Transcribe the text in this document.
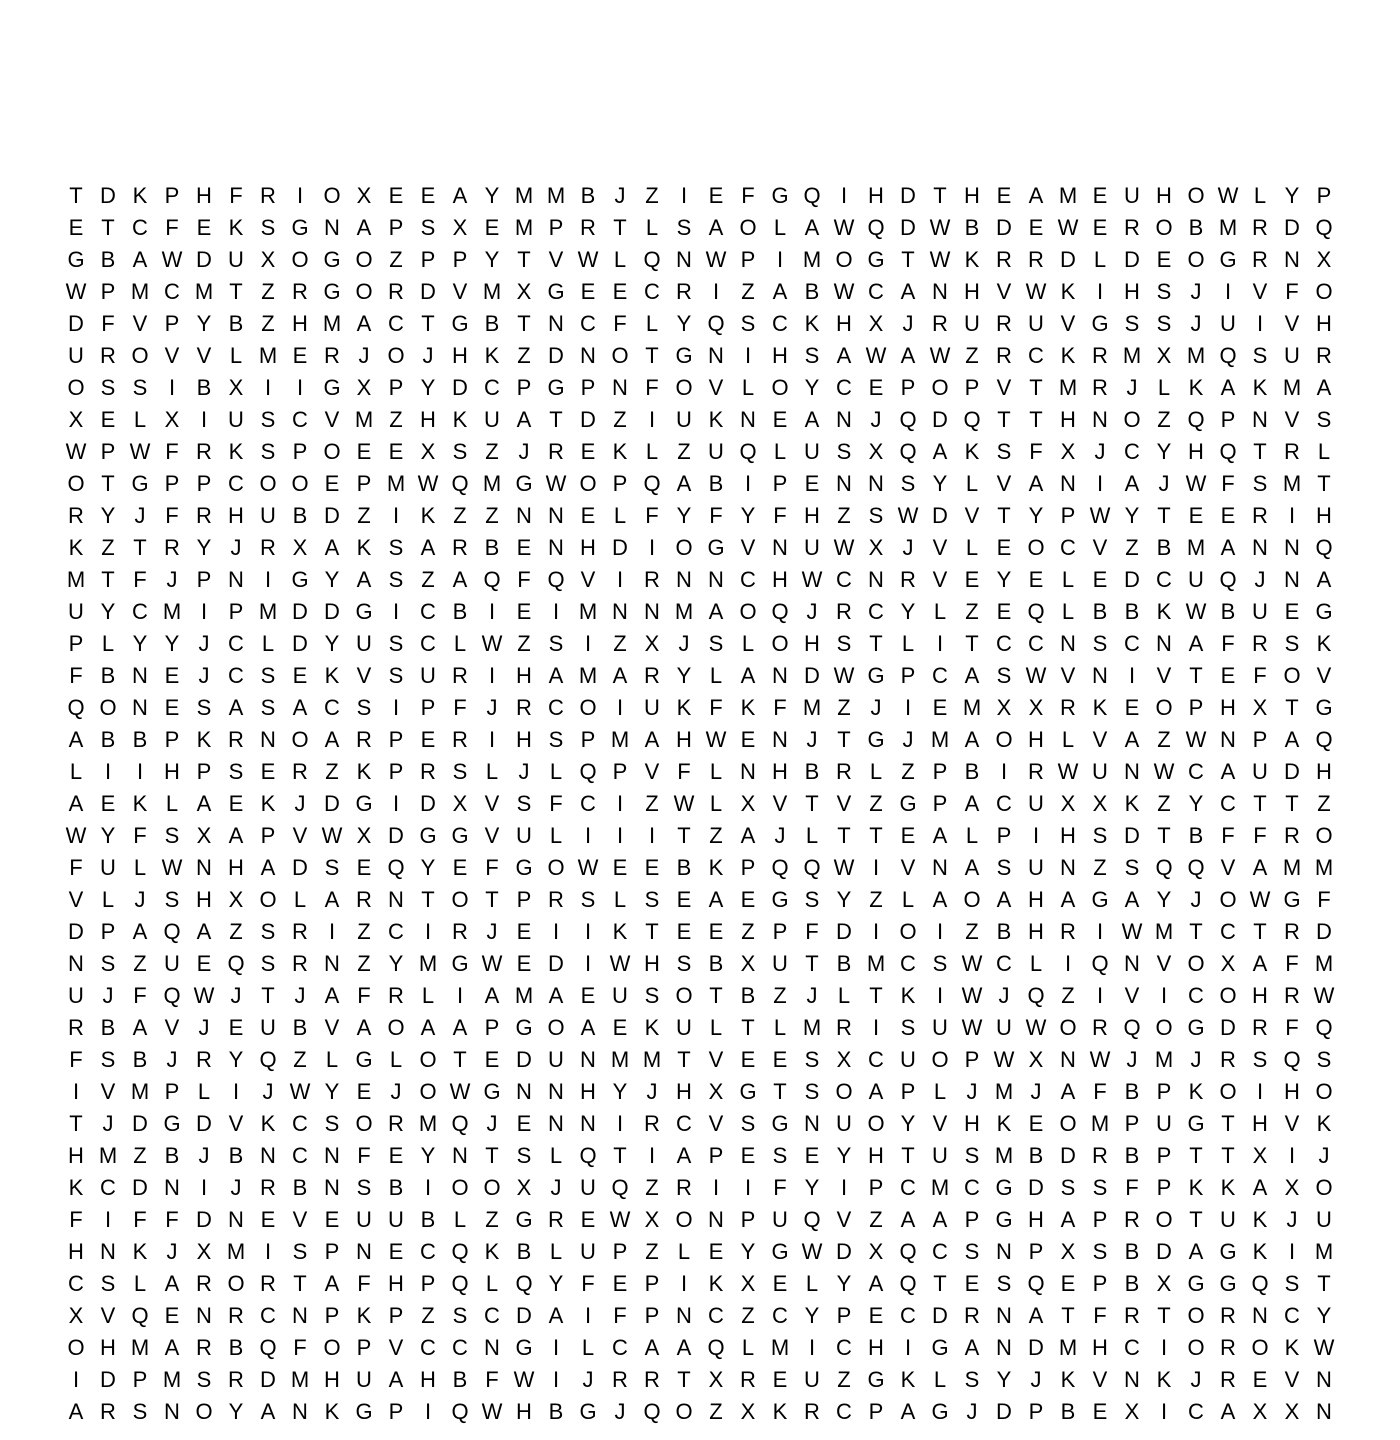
T D K P H F R I O X E E A Y M M B J Z	I E F G Q I H D T H E A M E U H O W L Y P
E T C F E K S G N A P S X E M P R T L S A O L A W Q D W B D E W E R O B M R D Q
G B A W D U X O G O Z P P Y T V W L Q N W P I M O G T W K R R D L D E O G R N X
W P M C M T Z R G O R D V M X G E E C R I	Z A B W C A N H V W K I H S J	I V F O
D F V P Y B Z H M A C T G B T N C F L Y Q S C K H X J R U R U V G S S J U I V H
U R O V V L M E R J O J H K Z D N O T G N I H S A W A W Z R C K R M X M Q S U R
O S S I B X I	I G X P Y D C P G P N F O V L O Y C E P O P V T M R J L K A K M A
X E L X I U S C V M Z H K U A T D Z	I U K N E A N J Q D Q T T H N O Z Q P N V S
W P W F R K S P O E E X S Z J R E K L Z U Q L U S X Q A K S F X J C Y H Q T R L
O T G P P C O O E P M W Q M G W O P Q A B I P E N N S Y L V A N I A J W F S M T
R Y J F R H U B D Z	I K Z Z N N E L F Y F Y F H Z S W D V T Y P W Y T E E R I H
K Z T R Y J R X A K S A R B E N H D I O G V N U W X J V L E O C V Z B M A N N Q
M T F J P N I G Y A S Z A Q F Q V I R N N C H W C N R V E Y E L E D C U Q J N A
U Y C M I P M D D G I C B I E I M N N M A O Q J R C Y L Z E Q L B B K W B U E G
P L Y Y J C L D Y U S C L W Z S I	Z X J S L O H S T L	I	T C C N S C N A F R S K
F B N E J C S E K V S U R I H A M A R Y L A N D W G P C A S W V N I V T E F O V
Q O N E S A S A C S I P F J R C O I U K F K F M Z J	I E M X X R K E O P H X T G
A B B P K R N O A R P E R I H S P M A H W E N J T G J M A O H L V A Z W N P A Q
L	I	I H P S E R Z K P R S L J L Q P V F L N H B R L Z P B I R W U N W C A U D H
A E K L A E K J D G I D X V S F C I	Z W L X V T V Z G P A C U X X K Z Y C T T Z
W Y F S X A P V W X D G G V U L	I	I	I	T Z A J L T T E A L P I H S D T B F F R O
F U L W N H A D S E Q Y E F G O W E E B K P Q Q W I V N A S U N Z S Q Q V A M M
V L J S H X O L A R N T O T P R S L S E A E G S Y Z L A O A H A G A Y J O W G F
D P A Q A Z S R I	Z C I R J E I	I K T E E Z P F D I O I	Z B H R I W M T C T R D
N S Z U E Q S R N Z Y M G W E D I W H S B X U T B M C S W C L	I Q N V O X A F M
U J F Q W J T J A F R L	I A M A E U S O T B Z J L T K I W J Q Z	I V I C O H R W
R B A V J E U B V A O A A P G O A E K U L T L M R I S U W U W O R Q O G D R F Q
F S B J R Y Q Z L G L O T E D U N M M T V E E S X C U O P W X N W J M J R S Q S
I V M P L	I	J W Y E J O W G N N H Y J H X G T S O A P L J M J A F B P K O I H O
T J D G D V K C S O R M Q J E N N I R C V S G N U O Y V H K E O M P U G T H V K
H M Z B J B N C N F E Y N T S L Q T	I A P E S E Y H T U S M B D R B P T T X I	J
K C D N I	J R B N S B I O O X J U Q Z R I	I	F Y I P C M C G D S S F P K K A X O
F	I	F F D N E V E U U B L Z G R E W X O N P U Q V Z A A P G H A P R O T U K J U
H N K J X M I S P N E C Q K B L U P Z L E Y G W D X Q C S N P X S B D A G K I M
C S L A R O R T A F H P Q L Q Y F E P I K X E L Y A Q T E S Q E P B X G G Q S T
X V Q E N R C N P K P Z S C D A I	F P N C Z C Y P E C D R N A T F R T O R N C Y
O H M A R B Q F O P V C C N G I	L C A A Q L M I C H I G A N D M H C I O R O K W
I D P M S R D M H U A H B F W I	J R R T X R E U Z G K L S Y J K V N K J R E V N
A R S N O Y A N K G P I Q W H B G J Q O Z X K R C P A G J D P B E X I C A X X N
